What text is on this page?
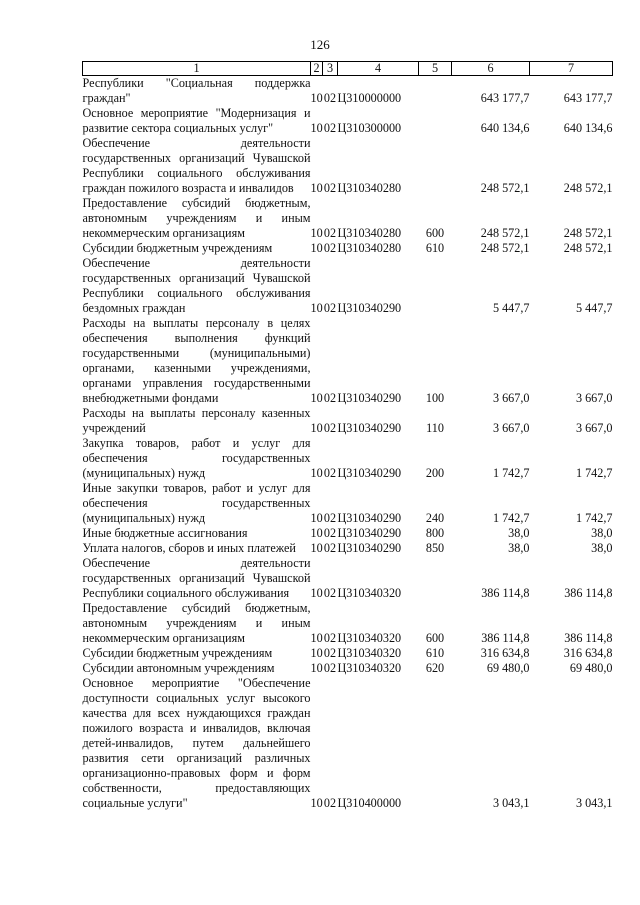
126
1	2	3	4	5	6	7
Республики "Социальная поддержка граждан"	10	02	Ц310000000		643 177,7	643 177,7
Основное мероприятие "Модернизация и развитие сектора социальных услуг"	10	02	Ц310300000		640 134,6	640 134,6
Обеспечение деятельности государственных организаций Чувашской Республики социального обслуживания граждан пожилого возраста и инвалидов	10	02	Ц310340280		248 572,1	248 572,1
Предоставление субсидий бюджетным, автономным учреждениям и иным некоммерческим организациям	10	02	Ц310340280	600	248 572,1	248 572,1
Субсидии бюджетным учреждениям	10	02	Ц310340280	610	248 572,1	248 572,1
Обеспечение деятельности государственных организаций Чувашской Республики социального обслуживания бездомных граждан	10	02	Ц310340290		5 447,7	5 447,7
Расходы на выплаты персоналу в целях обеспечения выполнения функций государственными (муниципальными) органами, казенными учреждениями, органами управления государственными внебюджетными фондами	10	02	Ц310340290	100	3 667,0	3 667,0
Расходы на выплаты персоналу казенных учреждений	10	02	Ц310340290	110	3 667,0	3 667,0
Закупка товаров, работ и услуг для обеспечения государственных (муниципальных) нужд	10	02	Ц310340290	200	1 742,7	1 742,7
Иные закупки товаров, работ и услуг для обеспечения государственных (муниципальных) нужд	10	02	Ц310340290	240	1 742,7	1 742,7
Иные бюджетные ассигнования	10	02	Ц310340290	800	38,0	38,0
Уплата налогов, сборов и иных платежей	10	02	Ц310340290	850	38,0	38,0
Обеспечение деятельности государственных организаций Чувашской Республики социального обслуживания	10	02	Ц310340320		386 114,8	386 114,8
Предоставление субсидий бюджетным, автономным учреждениям и иным некоммерческим организациям	10	02	Ц310340320	600	386 114,8	386 114,8
Субсидии бюджетным учреждениям	10	02	Ц310340320	610	316 634,8	316 634,8
Субсидии автономным учреждениям	10	02	Ц310340320	620	69 480,0	69 480,0
Основное мероприятие "Обеспечение доступности социальных услуг высокого качества для всех нуждающихся граждан пожилого возраста и инвалидов, включая детей-инвалидов, путем дальнейшего развития сети организаций различных организационно-правовых форм и форм собственности, предоставляющих социальные услуги"	10	02	Ц310400000		3 043,1	3 043,1
